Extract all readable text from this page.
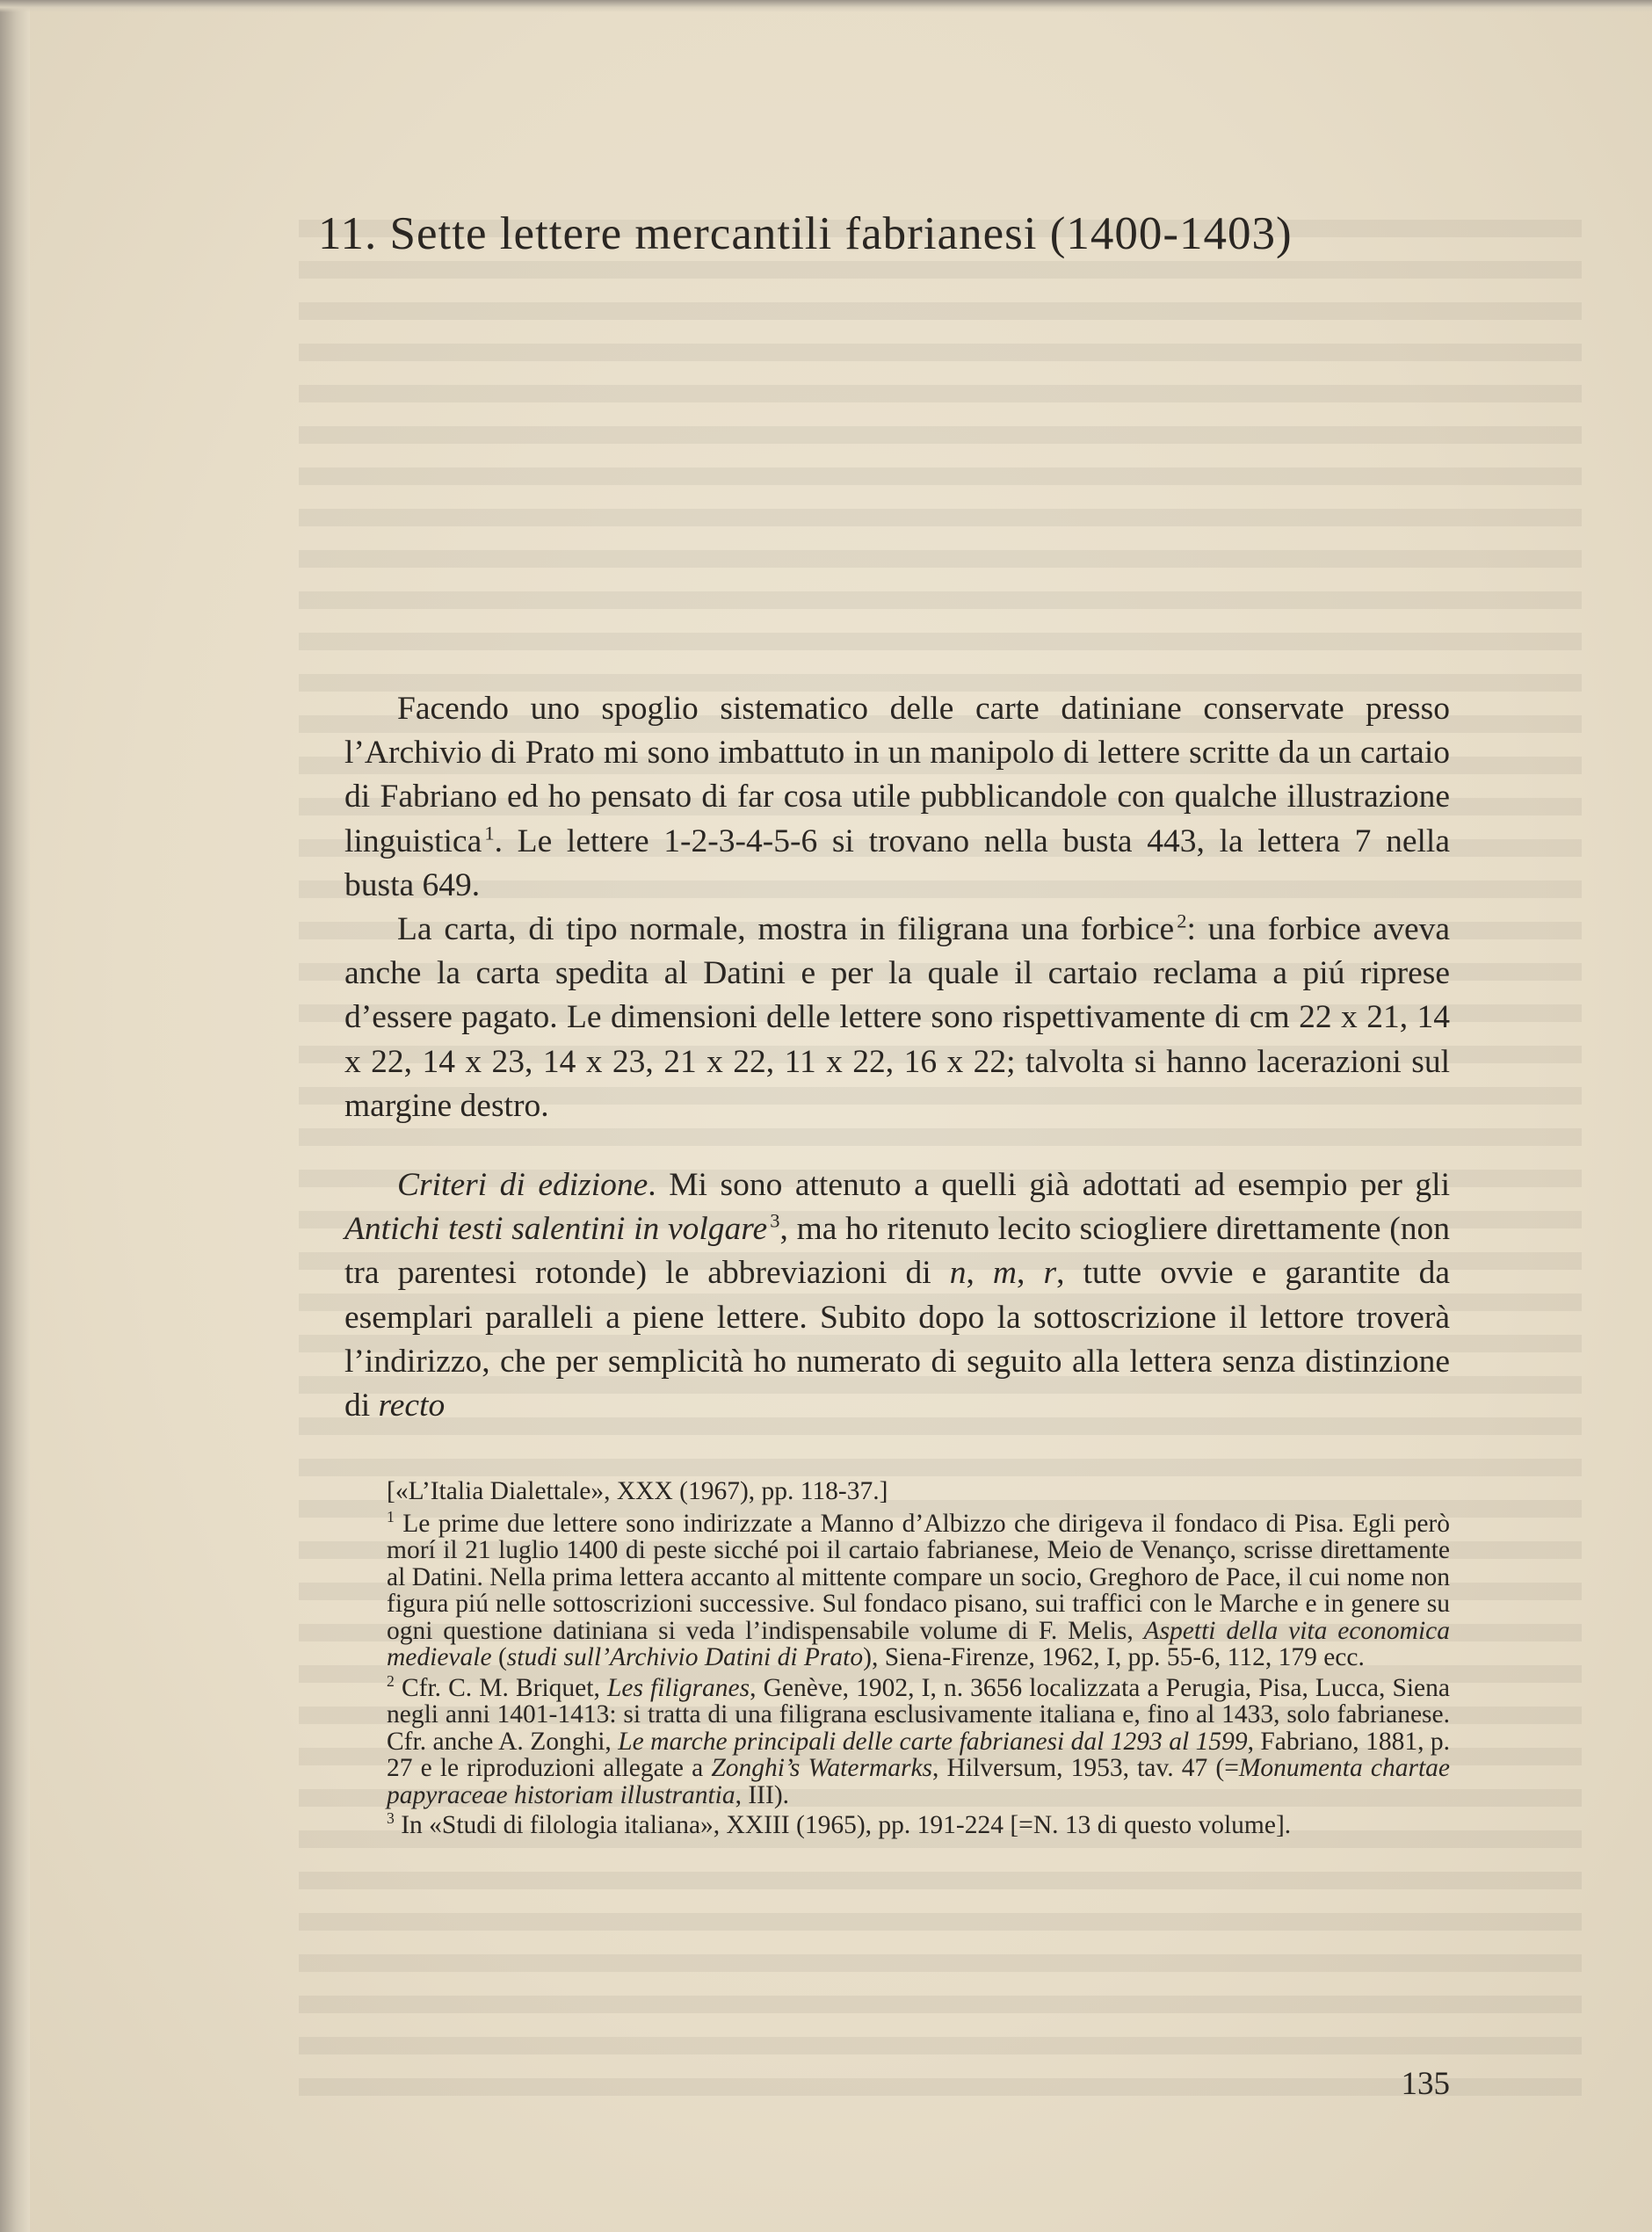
11. Sette lettere mercantili fabrianesi (1400-1403)

Facendo uno spoglio sistematico delle carte datiniane conservate presso l’Archivio di Prato mi sono imbattuto in un manipolo di lettere scritte da un cartaio di Fabriano ed ho pensato di far cosa utile pubblicandole con qualche illustrazione linguistica  $^1$. Le lettere 1-2-3-4-5-6 si trovano nella busta 443, la lettera 7 nella busta 649.

La carta, di tipo normale, mostra in filigrana una forbice  $^2$: una forbice aveva anche la carta spedita al Datini e per la quale il cartaio reclama a piú riprese d’essere pagato. Le dimensioni delle lettere sono rispettivamente di cm 22 x 21, 14 x 22, 14 x 23, 14 x 23, 21 x 22, 11 x 22, 16 x 22; talvolta si hanno lacerazioni sul margine destro.

Criteri di edizione. Mi sono attenuto a quelli già adottati ad esempio per gli Antichi testi salentini in volgare  $^3$, ma ho ritenuto lecito sciogliere direttamente (non tra parentesi rotonde) le abbreviazioni di n, m, r, tutte ovvie e garantite da esemplari paralleli a piene lettere. Subito dopo la sottoscrizione il lettore troverà l’indirizzo, che per semplicità ho numerato di seguito alla lettera senza distinzione di recto

[«L’Italia Dialettale», XXX (1967), pp. 118-37.]

$^1$ Le prime due lettere sono indirizzate a Manno d’Albizzo che dirigeva il fondaco di Pisa. Egli però morí il 21 luglio 1400 di peste sicché poi il cartaio fabrianese, Meio de Venanço, scrisse direttamente al Datini. Nella prima lettera accanto al mittente compare un socio, Greghoro de Pace, il cui nome non figura piú nelle sottoscrizioni successive. Sul fondaco pisano, sui traffici con le Marche e in genere su ogni questione datiniana si veda l’indispensabile volume di F. Melis, Aspetti della vita economica medievale (studi sull’Archivio Datini di Prato), Siena-Firenze, 1962, I, pp. 55-6, 112, 179 ecc.

$^2$ Cfr. C. M. Briquet, Les filigranes, Genève, 1902, I, n. 3656 localizzata a Perugia, Pisa, Lucca, Siena negli anni 1401-1413: si tratta di una filigrana esclusivamente italiana e, fino al 1433, solo fabrianese. Cfr. anche A. Zonghi, Le marche principali delle carte fabrianesi dal 1293 al 1599, Fabriano, 1881, p. 27 e le riproduzioni allegate a Zonghi’s Watermarks, Hilversum, 1953, tav. 47 (=Monumenta chartae papyraceae historiam illustrantia, III).

$^3$ In «Studi di filologia italiana», XXIII (1965), pp. 191-224 [=N. 13 di questo volume].

135
